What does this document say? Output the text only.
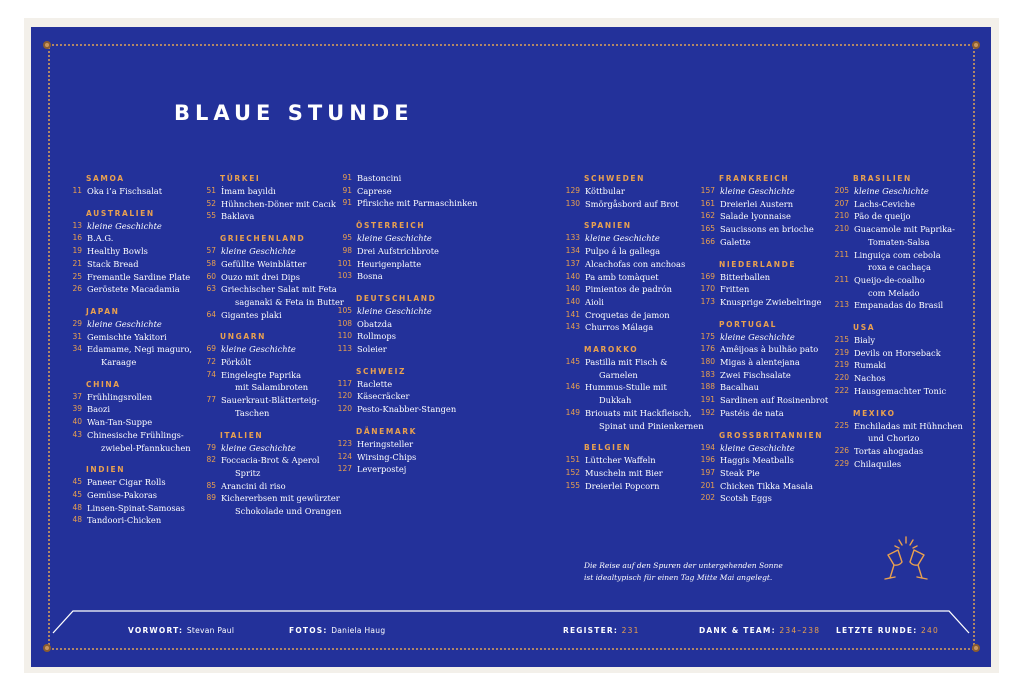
BLAUE STUNDE
SAMOA
11 Oka i’a Fischsalat
AUSTRALIEN
13 kleine Geschichte
16 B.A.G.
19 Healthy Bowls
21 Stack Bread
25 Fremantle Sardine Plate
26 Geröstete Macadamia
JAPAN
29 kleine Geschichte
31 Gemischte Yakitori
34 Edamame, Negi maguro,
Karaage
CHINA
37 Frühlingsrollen
39 Baozi
40 Wan-Tan-Suppe
43 Chinesische Frühlings-
zwiebel-Pfannkuchen
INDIEN
45 Paneer Cigar Rolls
45 Gemüse-Pakoras
48 Linsen-Spinat-Samosas
48 Tandoori-Chicken
TÜRKEI
51 İmam bayıldı
52 Hühnchen-Döner mit Cacık
55 Baklava
GRIECHENLAND
57 kleine Geschichte
58 Gefüllte Weinblätter
60 Ouzo mit drei Dips
63 Griechischer Salat mit Feta
saganaki & Feta in Butter
64 Gigantes plaki
UNGARN
69 kleine Geschichte
72 Pörkölt
74 Eingelegte Paprika
mit Salamibroten
77 Sauerkraut-Blätterteig-
Taschen
ITALIEN
79 kleine Geschichte
82 Foccacia-Brot & Aperol
Spritz
85 Arancini di riso
89 Kichererbsen mit gewürzter
Schokolade und Orangen
91 Bastoncini
91 Caprese
91 Pfirsiche mit Parmaschinken
ÖSTERREICH
95 kleine Geschichte
98 Drei Aufstrichbrote
101 Heurigenplatte
103 Bosna
DEUTSCHLAND
105 kleine Geschichte
108 Obatzda
110 Rollmops
113 Soleier
SCHWEIZ
117 Raclette
120 Käsecräcker
120 Pesto-Knabber-Stangen
DÄNEMARK
123 Heringsteller
124 Wirsing-Chips
127 Leverpostej
SCHWEDEN
129 Köttbular
130 Smörgåsbord auf Brot
SPANIEN
133 kleine Geschichte
134 Pulpo á la gallega
137 Alcachofas con anchoas
140 Pa amb tomàquet
140 Pimientos de padrón
140 Aioli
141 Croquetas de jamon
143 Churros Málaga
MAROKKO
145 Pastilla mit Fisch &
Garnelen
146 Hummus-Stulle mit
Dukkah
149 Briouats mit Hackfleisch,
Spinat und Pinienkernen
BELGIEN
151 Lüttcher Waffeln
152 Muscheln mit Bier
155 Dreierlei Popcorn
FRANKREICH
157 kleine Geschichte
161 Dreierlei Austern
162 Salade lyonnaise
165 Saucissons en brioche
166 Galette
NIEDERLANDE
169 Bitterballen
170 Fritten
173 Knusprige Zwiebelringe
PORTUGAL
175 kleine Geschichte
176 Amêijoas à bulhão pato
180 Migas à alentejana
183 Zwei Fischsalate
188 Bacalhau
191 Sardinen auf Rosinenbrot
192 Pastéis de nata
GROSSBRITANNIEN
194 kleine Geschichte
196 Haggis Meatballs
197 Steak Pie
201 Chicken Tikka Masala
202 Scotsh Eggs
BRASILIEN
205 kleine Geschichte
207 Lachs-Ceviche
210 Pão de queijo
210 Guacamole mit Paprika-
Tomaten-Salsa
211 Linguiça com cebola
roxa e cachaça
211 Queijo-de-coalho
com Melado
213 Empanadas do Brasil
USA
215 Bialy
219 Devils on Horseback
219 Rumaki
220 Nachos
222 Hausgemachter Tonic
MEXIKO
225 Enchiladas mit Hühnchen
und Chorizo
226 Tortas ahogadas
229 Chilaquiles
Die Reise auf den Spuren der untergehenden Sonne
ist idealtypisch für einen Tag Mitte Mai angelegt.
VORWORT: Stevan Paul	FOTOS: Daniela Haug	REGISTER: 231	DANK & TEAM: 234–238 LETZTE RUNDE: 240
